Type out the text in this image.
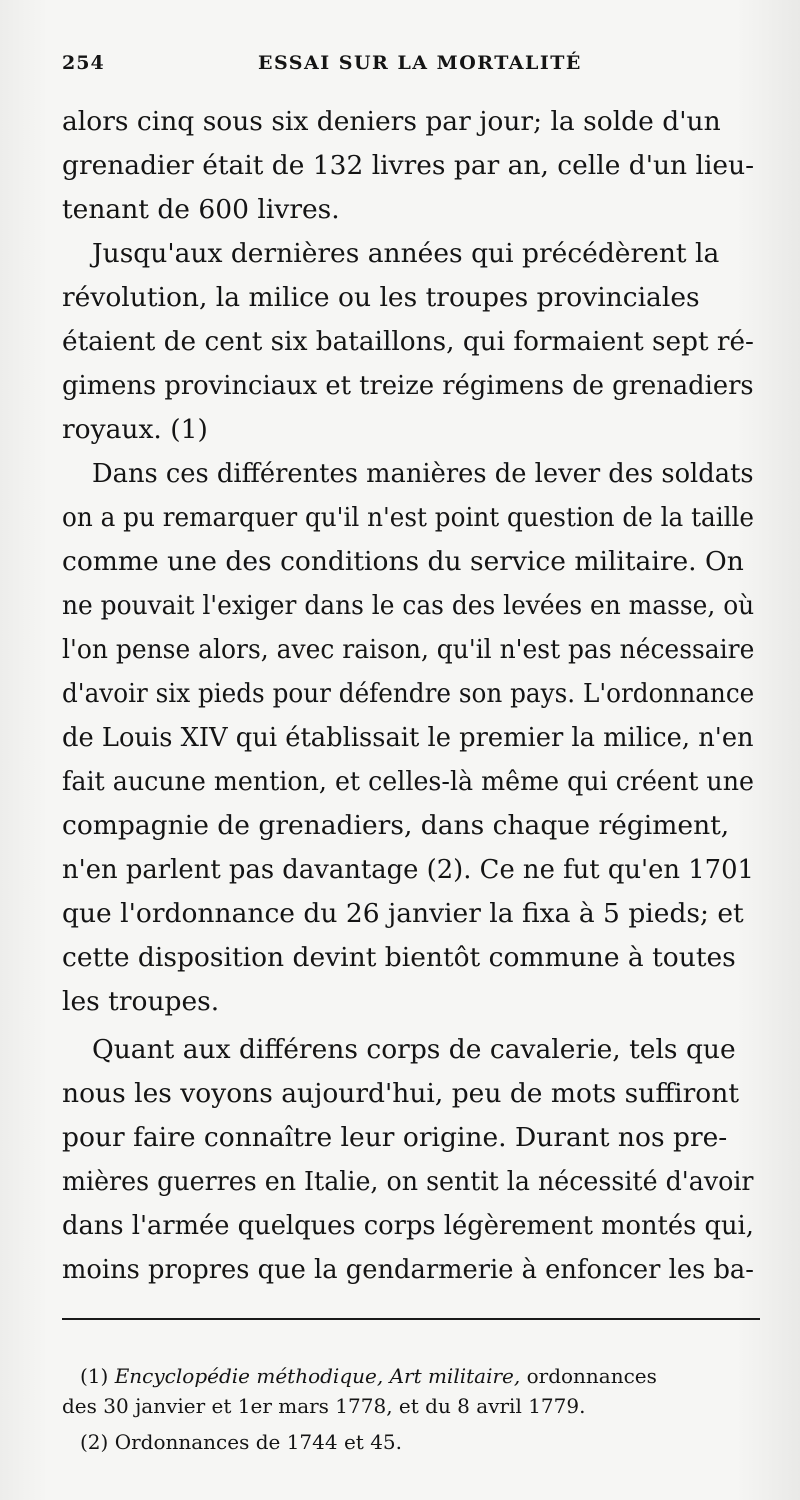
254	ESSAI SUR LA MORTALITÉ
alors cinq sous six deniers par jour; la solde d'un
grenadier était de 132 livres par an, celle d'un lieu-
tenant de 600 livres.
Jusqu'aux dernières années qui précédèrent la
révolution, la milice ou les troupes provinciales
étaient de cent six bataillons, qui formaient sept ré-
gimens provinciaux et treize régimens de grenadiers
royaux. (1)
Dans ces différentes manières de lever des soldats
on a pu remarquer qu'il n'est point question de la taille
comme une des conditions du service militaire. On
ne pouvait l'exiger dans le cas des levées en masse, où
l'on pense alors, avec raison, qu'il n'est pas nécessaire
d'avoir six pieds pour défendre son pays. L'ordonnance
de Louis XIV qui établissait le premier la milice, n'en
fait aucune mention, et celles-là même qui créent une
compagnie de grenadiers, dans chaque régiment,
n'en parlent pas davantage (2). Ce ne fut qu'en 1701
que l'ordonnance du 26 janvier la fixa à 5 pieds; et
cette disposition devint bientôt commune à toutes
les troupes.
Quant aux différens corps de cavalerie, tels que
nous les voyons aujourd'hui, peu de mots suffiront
pour faire connaître leur origine. Durant nos pre-
mières guerres en Italie, on sentit la nécessité d'avoir
dans l'armée quelques corps légèrement montés qui,
moins propres que la gendarmerie à enfoncer les ba-
(1) Encyclopédie méthodique, Art militaire, ordonnances
des 30 janvier et 1er mars 1778, et du 8 avril 1779.
(2) Ordonnances de 1744 et 45.
